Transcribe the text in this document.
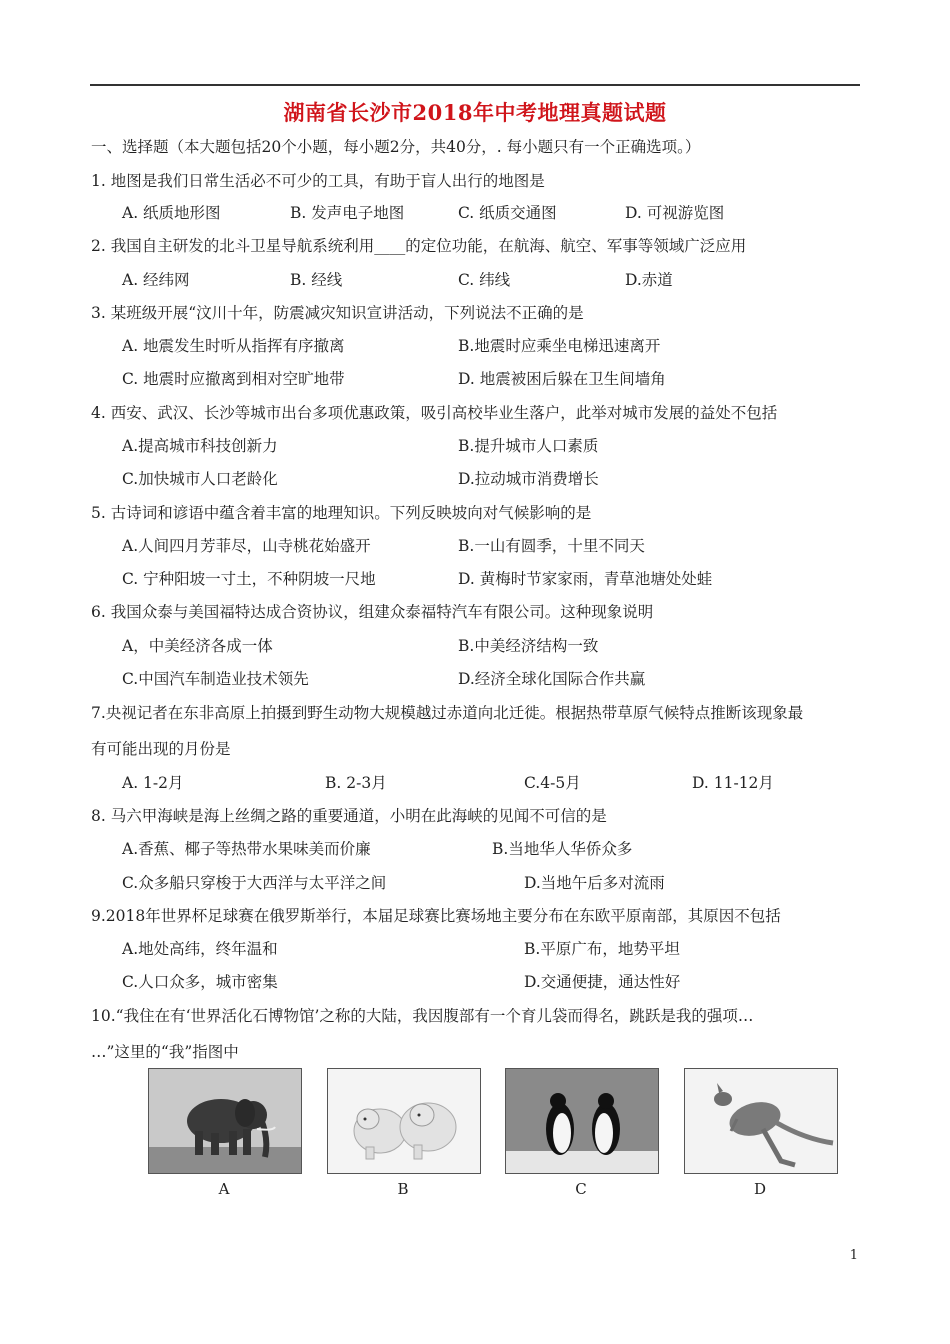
湖南省长沙市2018年中考地理真题试题
一、选择题（本大题包括20个小题，每小题2分，共40分，. 每小题只有一个正确选项。）
1. 地图是我们日常生活必不可少的工具，有助于盲人出行的地图是
A. 纸质地形图	B. 发声电子地图	C. 纸质交通图	D. 可视游览图
2. 我国自主研发的北斗卫星导航系统利用____的定位功能，在航海、航空、军事等领域广泛应用
A. 经纬网	B. 经线	C. 纬线	D.赤道
3. 某班级开展“汶川十年，防震减灾知识宣讲活动，下列说法不正确的是
A. 地震发生时听从指挥有序撤离	B.地震时应乘坐电梯迅速离开
C. 地震时应撤离到相对空旷地带	D. 地震被困后躲在卫生间墙角
4. 西安、武汉、长沙等城市出台多项优惠政策，吸引高校毕业生落户，此举对城市发展的益处不包括
A.提高城市科技创新力	B.提升城市人口素质
C.加快城市人口老龄化	D.拉动城市消费增长
5. 古诗词和谚语中蕴含着丰富的地理知识。下列反映坡向对气候影响的是
A.人间四月芳菲尽，山寺桃花始盛开	B.一山有圆季，十里不同天
C. 宁种阳坡一寸土，不种阴坡一尺地	D. 黄梅时节家家雨，青草池塘处处蛙
6. 我国众泰与美国福特达成合资协议，组建众泰福特汽车有限公司。这种现象说明
A，中美经济各成一体	B.中美经济结构一致
C.中国汽车制造业技术领先	D.经济全球化国际合作共赢
7.央视记者在东非高原上拍摄到野生动物大规模越过赤道向北迁徙。根据热带草原气候特点推断该现象最
有可能出现的月份是
A. 1-2月	B. 2-3月	C.4-5月	D. 11-12月
8. 马六甲海峡是海上丝绸之路的重要通道，小明在此海峡的见闻不可信的是
A.香蕉、椰子等热带水果味美而价廉	B.当地华人华侨众多
C.众多船只穿梭于大西洋与太平洋之间	D.当地午后多对流雨
9.2018年世界杯足球赛在俄罗斯举行，本届足球赛比赛场地主要分布在东欧平原南部，其原因不包括
A.地处高纬，终年温和	B.平原广布，地势平坦
C.人口众多，城市密集	D.交通便捷，通达性好
10.“我住在有‘世界活化石博物馆’之称的大陆，我因腹部有一个育儿袋而得名，跳跃是我的强项…
…”这里的“我”指图中
A	B	C	D
1
